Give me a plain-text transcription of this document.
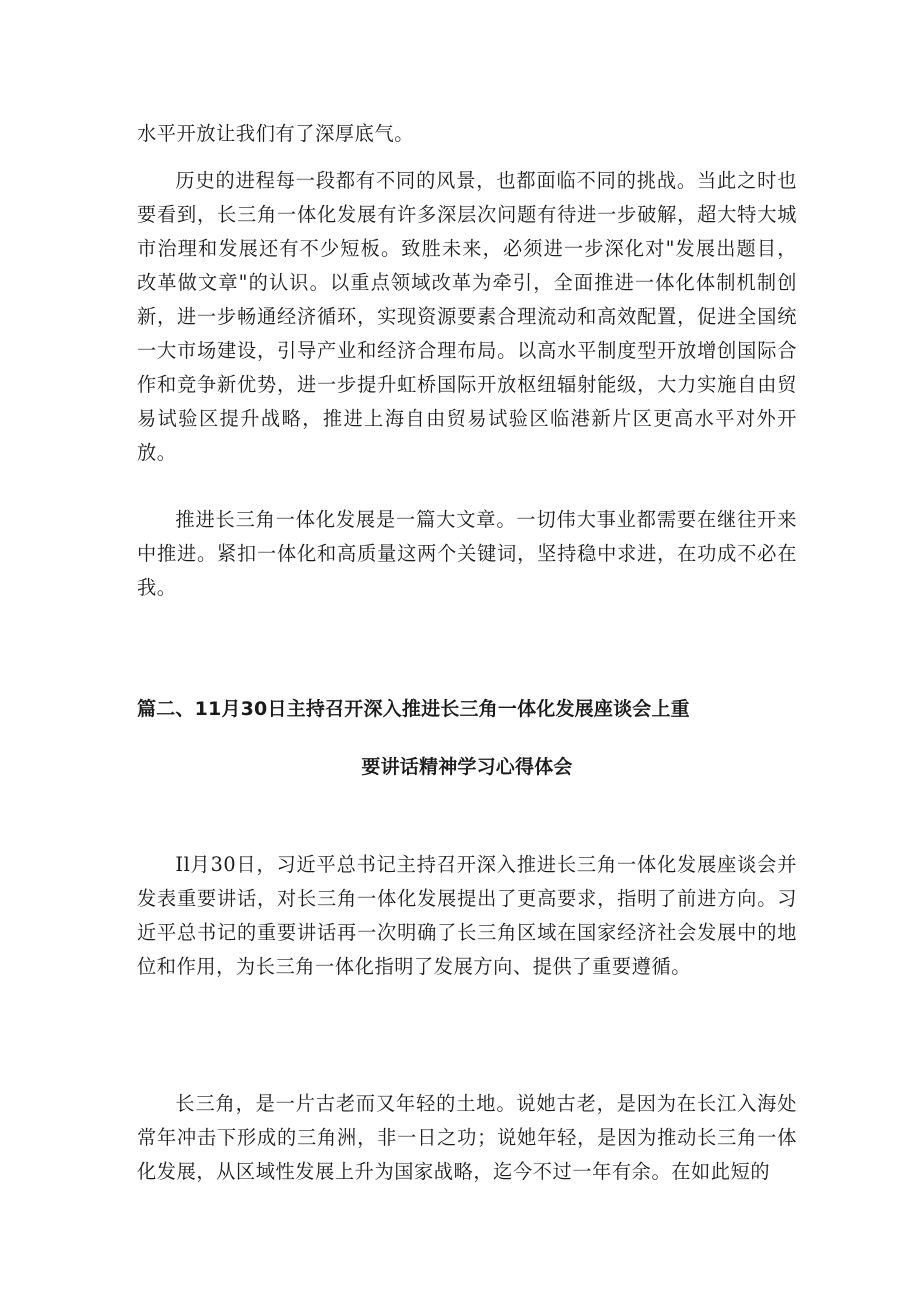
水平开放让我们有了深厚底气。

历史的进程每一段都有不同的风景，也都面临不同的挑战。当此之时也要看到，长三角一体化发展有许多深层次问题有待进一步破解，超大特大城市治理和发展还有不少短板。致胜未来，必须进一步深化对"发展出题目，改革做文章"的认识。以重点领域改革为牵引，全面推进一体化体制机制创新，进一步畅通经济循环，实现资源要素合理流动和高效配置，促进全国统一大市场建设，引导产业和经济合理布局。以高水平制度型开放增创国际合作和竞争新优势，进一步提升虹桥国际开放枢纽辐射能级，大力实施自由贸易试验区提升战略，推进上海自由贸易试验区临港新片区更高水平对外开放。

推进长三角一体化发展是一篇大文章。一切伟大事业都需要在继往开来中推进。紧扣一体化和高质量这两个关键词，坚持稳中求进，在功成不必在我。

篇二、11月30日主持召开深入推进长三角一体化发展座谈会上重
要讲话精神学习心得体会

Il月30日，习近平总书记主持召开深入推进长三角一体化发展座谈会并发表重要讲话，对长三角一体化发展提出了更高要求，指明了前进方向。习近平总书记的重要讲话再一次明确了长三角区域在国家经济社会发展中的地位和作用，为长三角一体化指明了发展方向、提供了重要遵循。

长三角，是一片古老而又年轻的土地。说她古老，是因为在长江入海处常年冲击下形成的三角洲，非一日之功；说她年轻，是因为推动长三角一体化发展，从区域性发展上升为国家战略，迄今不过一年有余。在如此短的
